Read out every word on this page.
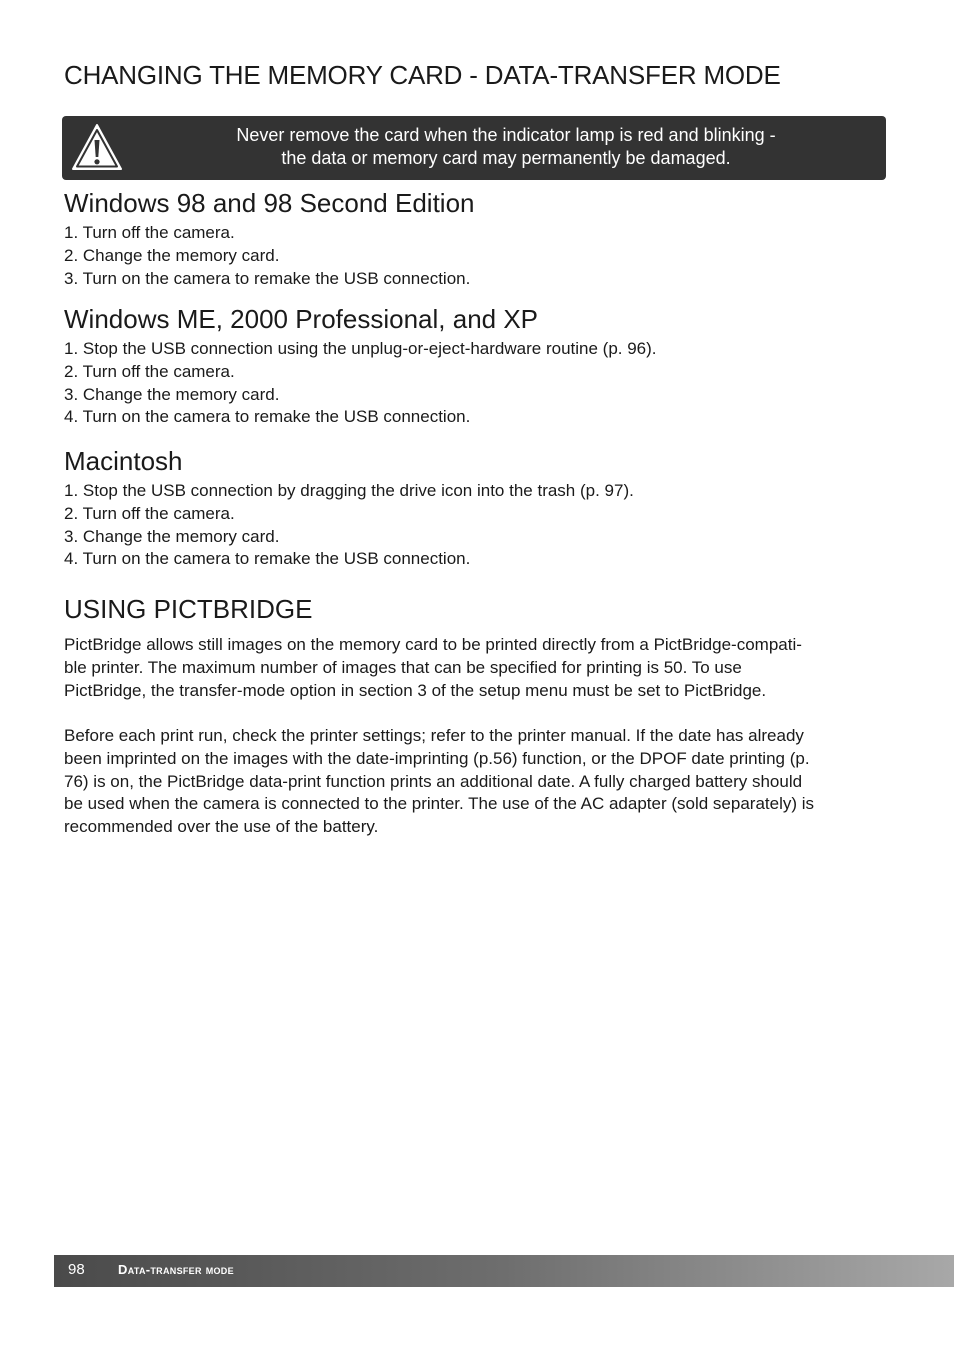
CHANGING THE MEMORY CARD - DATA-TRANSFER MODE
Never remove the card when the indicator lamp is red and blinking -
the data or memory card may permanently be damaged.
Windows 98 and 98 Second Edition
1. Turn off the camera.
2. Change the memory card.
3. Turn on the camera to remake the USB connection.
Windows ME, 2000 Professional, and XP
1. Stop the USB connection using the unplug-or-eject-hardware routine (p. 96).
2. Turn off the camera.
3. Change the memory card.
4. Turn on the camera to remake the USB connection.
Macintosh
1. Stop the USB connection by dragging the drive icon into the trash (p. 97).
2. Turn off the camera.
3. Change the memory card.
4. Turn on the camera to remake the USB connection.
USING PICTBRIDGE

PictBridge allows still images on the memory card to be printed directly from a PictBridge-compati-
ble printer. The maximum number of images that can be specified for printing is 50. To use
PictBridge, the transfer-mode option in section 3 of the setup menu must be set to PictBridge.

Before each print run, check the printer settings; refer to the printer manual. If the date has already
been imprinted on the images with the date-imprinting (p.56) function, or the DPOF date printing (p.
76) is on, the PictBridge data-print function prints an additional date. A fully charged battery should
be used when the camera is connected to the printer. The use of the AC adapter (sold separately) is
recommended over the use of the battery.

98	Data-transfer mode
